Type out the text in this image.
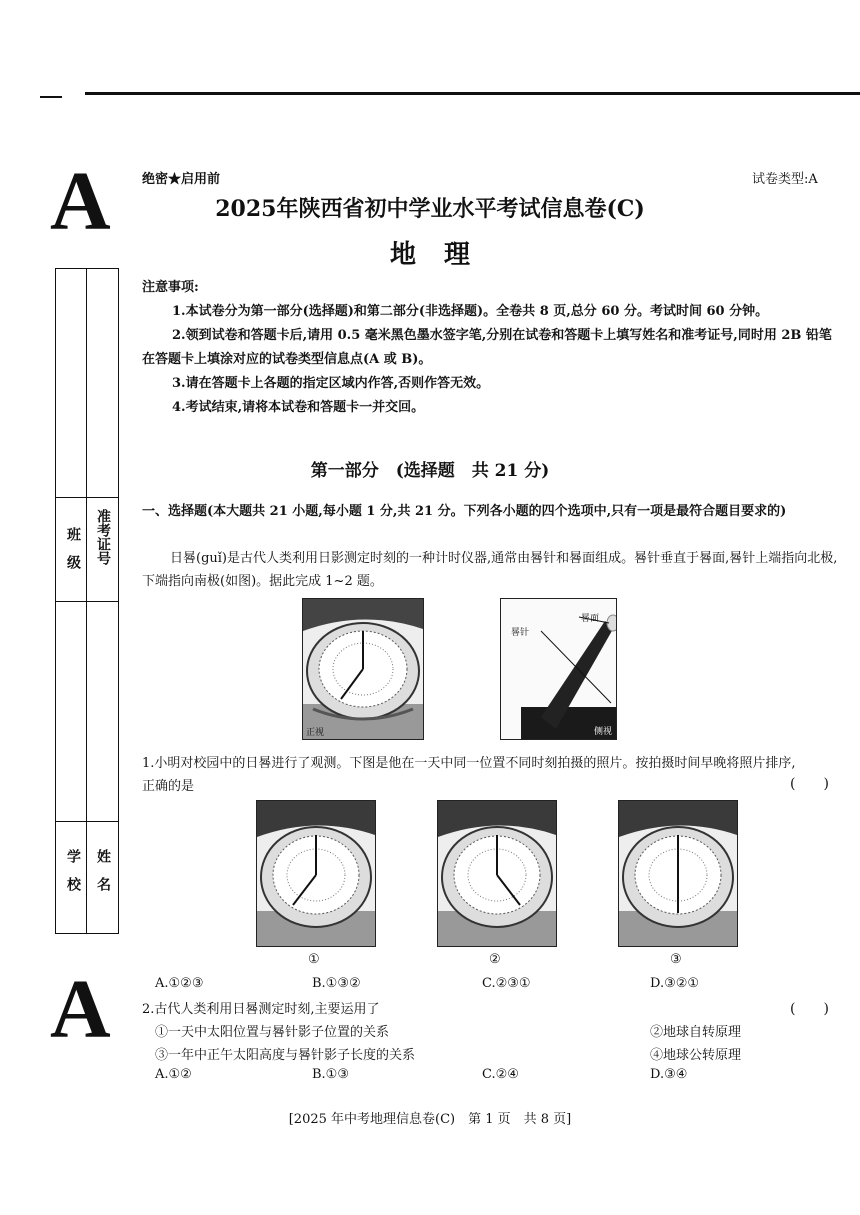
A
A
绝密★启用前	试卷类型:A
2025年陕西省初中学业水平考试信息卷(C)
地理
班　级 准考证号
学　校 姓　名

注意事项:

1.本试卷分为第一部分(选择题)和第二部分(非选择题)。全卷共 8 页,总分 60 分。考试时间 60 分钟。

2.领到试卷和答题卡后,请用 0.5 毫米黑色墨水签字笔,分别在试卷和答题卡上填写姓名和准考证号,同时用 2B 铅笔在答题卡上填涂对应的试卷类型信息点(A 或 B)。

3.请在答题卡上各题的指定区域内作答,否则作答无效。

4.考试结束,请将本试卷和答题卡一并交回。

第一部分　(选择题　共 21 分)
一、选择题(本大题共 21 小题,每小题 1 分,共 21 分。下列各小题的四个选项中,只有一项是最符合题目要求的)

日晷(guǐ)是古代人类利用日影测定时刻的一种计时仪器,通常由晷针和晷面组成。晷针垂直于晷面,晷针上端指向北极,下端指向南极(如图)。据此完成 1~2 题。

正视
晷面
晷针
侧视
1.小明对校园中的日晷进行了观测。下图是他在一天中同一位置不同时刻拍摄的照片。按拍摄时间早晚将照片排序,正确的是	(　　)
①	②	③
A.①②③	B.①③②	C.②③①	D.③②①
2.古代人类利用日晷测定时刻,主要运用了	(　　)
①一天中太阳位置与晷针影子位置的关系	②地球自转原理
③一年中正午太阳高度与晷针影子长度的关系	④地球公转原理
A.①②	B.①③	C.②④	D.③④
[2025 年中考地理信息卷(C)　第 1 页　共 8 页]
